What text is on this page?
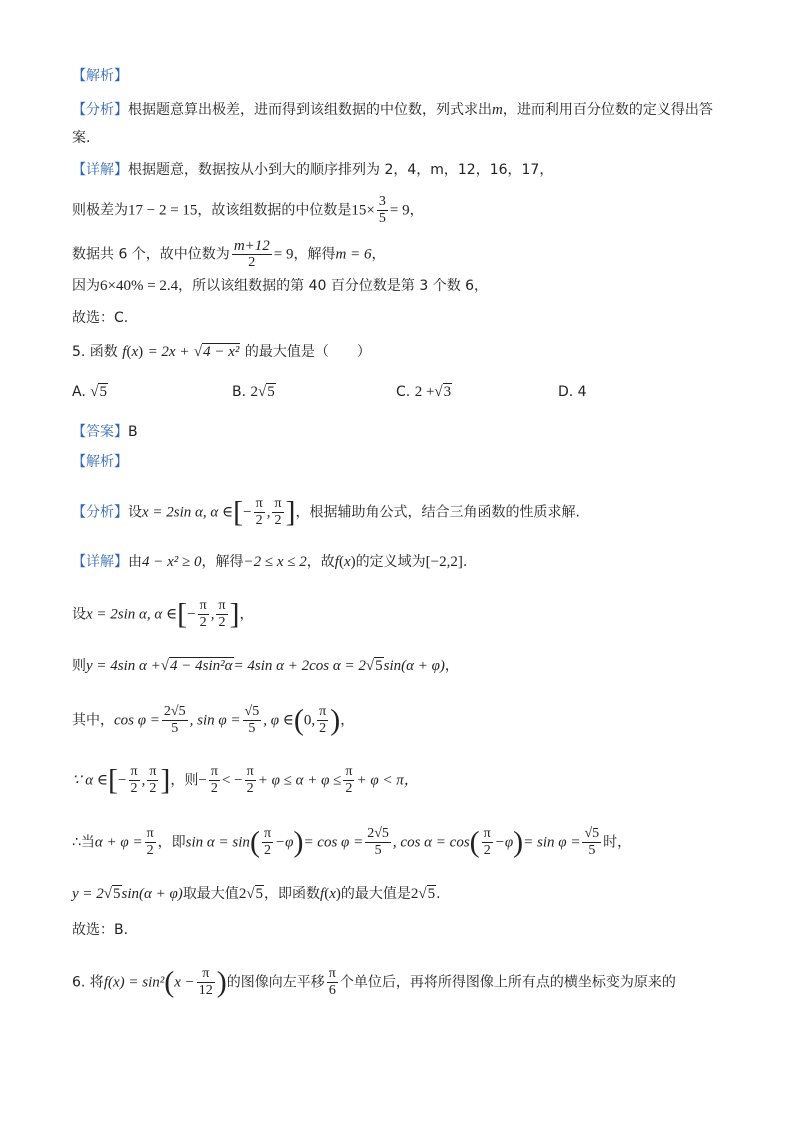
【解析】
【分析】根据题意算出极差，进而得到该组数据的中位数，列式求出m，进而利用百分位数的定义得出答
案.
【详解】根据题意，数据按从小到大的顺序排列为 2，4，m，12，16，17，
则极差为17 − 2 = 15，故该组数据的中位数是$15\times \frac{3}{5} = 9$，
数据共 6 个，故中位数为 $\frac{m+12}{2} = 9$，解得m = 6，
因为6×40% = 2.4，所以该组数据的第 40 百分位数是第 3 个数 6，
故选：C.
5. 函数 f(x) = 2x + √4 − x² 的最大值是（　　）
A. √5	B. 2√5	C. 2 +√3	D. 4
【答案】B
【解析】
【分析】设x = 2sin α, α ∈[− $\frac{\pi}{2}$ , $\frac{\pi}{2}$ ]，根据辅助角公式，结合三角函数的性质求解.
【详解】由4 − x² ≥ 0，解得−2 ≤ x ≤ 2，故f(x)的定义域为[−2,2].
设x = 2sin α, α ∈[− $\frac{\pi}{2}$ , $\frac{\pi}{2}$ ]，
则y = 4sin α +√4 − 4sin²α= 4sin α + 2cos α = 2√5sin(α + φ)，
其中，$\cos \varphi = \frac{2√5}{5}$ , $\sin \varphi = \frac{√5}{5}$ , φ ∈(0, $\frac{\pi}{2}$ )，
∵ α ∈[− $\frac{\pi}{2}$ , $\frac{\pi}{2}$ ]，则− $\frac{\pi}{2}$ < − $\frac{\pi}{2} + \varphi \le \alpha + \varphi \le \frac{\pi}{2} + \varphi < \pi$，
∴当$\alpha + \varphi = \frac{\pi}{2}$ ，即$\sin \alpha = \sin( \frac{\pi}{2} -\varphi)= \cos \varphi = \frac{2√5}{5}$ , $\cos \alpha = \cos( \frac{\pi}{2} -\varphi)= \sin \varphi = \frac{√5}{5}$ 时，
y = 2√5sin(α + φ)取最大值2√5，即函数f(x)的最大值是2√5.
故选：B.
6. 将$f(x) = \sin^2(x - \frac{\pi}{12}$ )的图像向左平移 $\frac{\pi}{6}$ 个单位后，再将所得图像上所有点的横坐标变为原来的
